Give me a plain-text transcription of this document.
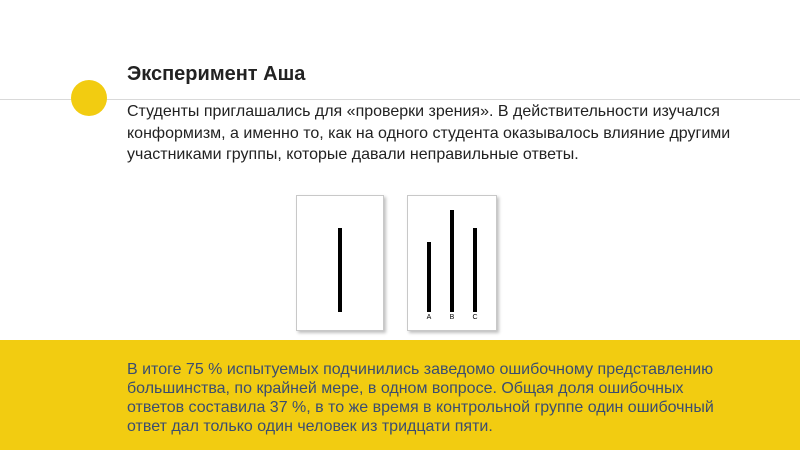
Эксперимент Аша
Студенты приглашались для «проверки зрения». В действительности изучался конформизм, а именно то, как на одного студента оказывалось влияние другими участниками группы, которые давали неправильные ответы.
A	B	C
В итоге 75 % испытуемых подчинились заведомо ошибочному представлению большинства, по крайней мере, в одном вопросе. Общая доля ошибочных ответов составила 37 %, в то же время в контрольной группе один ошибочный ответ дал только один человек из тридцати пяти.
